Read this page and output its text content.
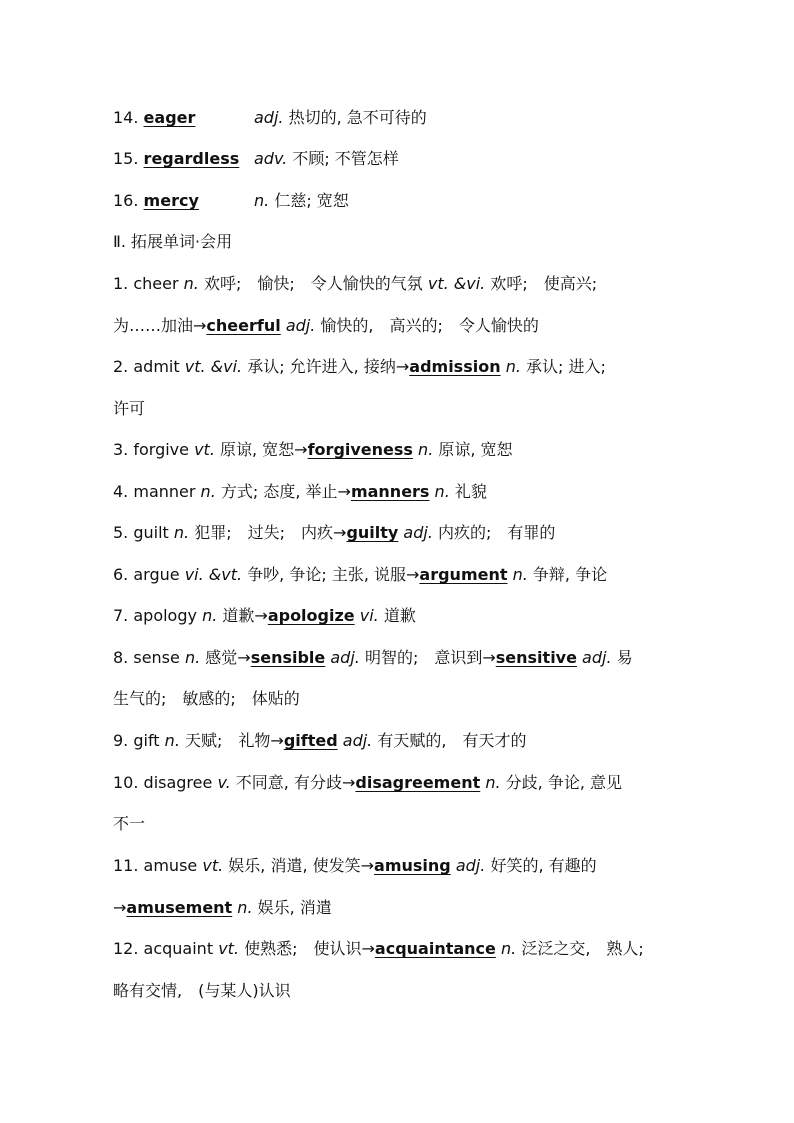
14. eager	adj. 热切的, 急不可待的
15. regardless adv. 不顾; 不管怎样
16. mercy	n. 仁慈; 宽恕
Ⅱ. 拓展单词·会用
1. cheer n. 欢呼;　愉快;　令人愉快的气氛 vt. &vi. 欢呼;　使高兴;
为……加油→cheerful adj. 愉快的,　高兴的;　令人愉快的
2. admit vt. &vi. 承认; 允许进入, 接纳→admission n. 承认; 进入;
许可
3. forgive vt. 原谅, 宽恕→forgiveness n. 原谅, 宽恕
4. manner n. 方式; 态度, 举止→manners n. 礼貌
5. guilt n. 犯罪;　过失;　内疚→guilty adj. 内疚的;　有罪的
6. argue vi. &vt. 争吵, 争论; 主张, 说服→argument n. 争辩, 争论
7. apology n. 道歉→apologize vi. 道歉
8. sense n. 感觉→sensible adj. 明智的;　意识到→sensitive adj. 易
生气的;　敏感的;　体贴的
9. gift n. 天赋;　礼物→gifted adj. 有天赋的,　有天才的
10. disagree v. 不同意, 有分歧→disagreement n. 分歧, 争论, 意见
不一
11. amuse vt. 娱乐, 消遣, 使发笑→amusing adj. 好笑的, 有趣的
→amusement n. 娱乐, 消遣
12. acquaint vt. 使熟悉;　使认识→acquaintance n. 泛泛之交,　熟人;
略有交情,　(与某人)认识
